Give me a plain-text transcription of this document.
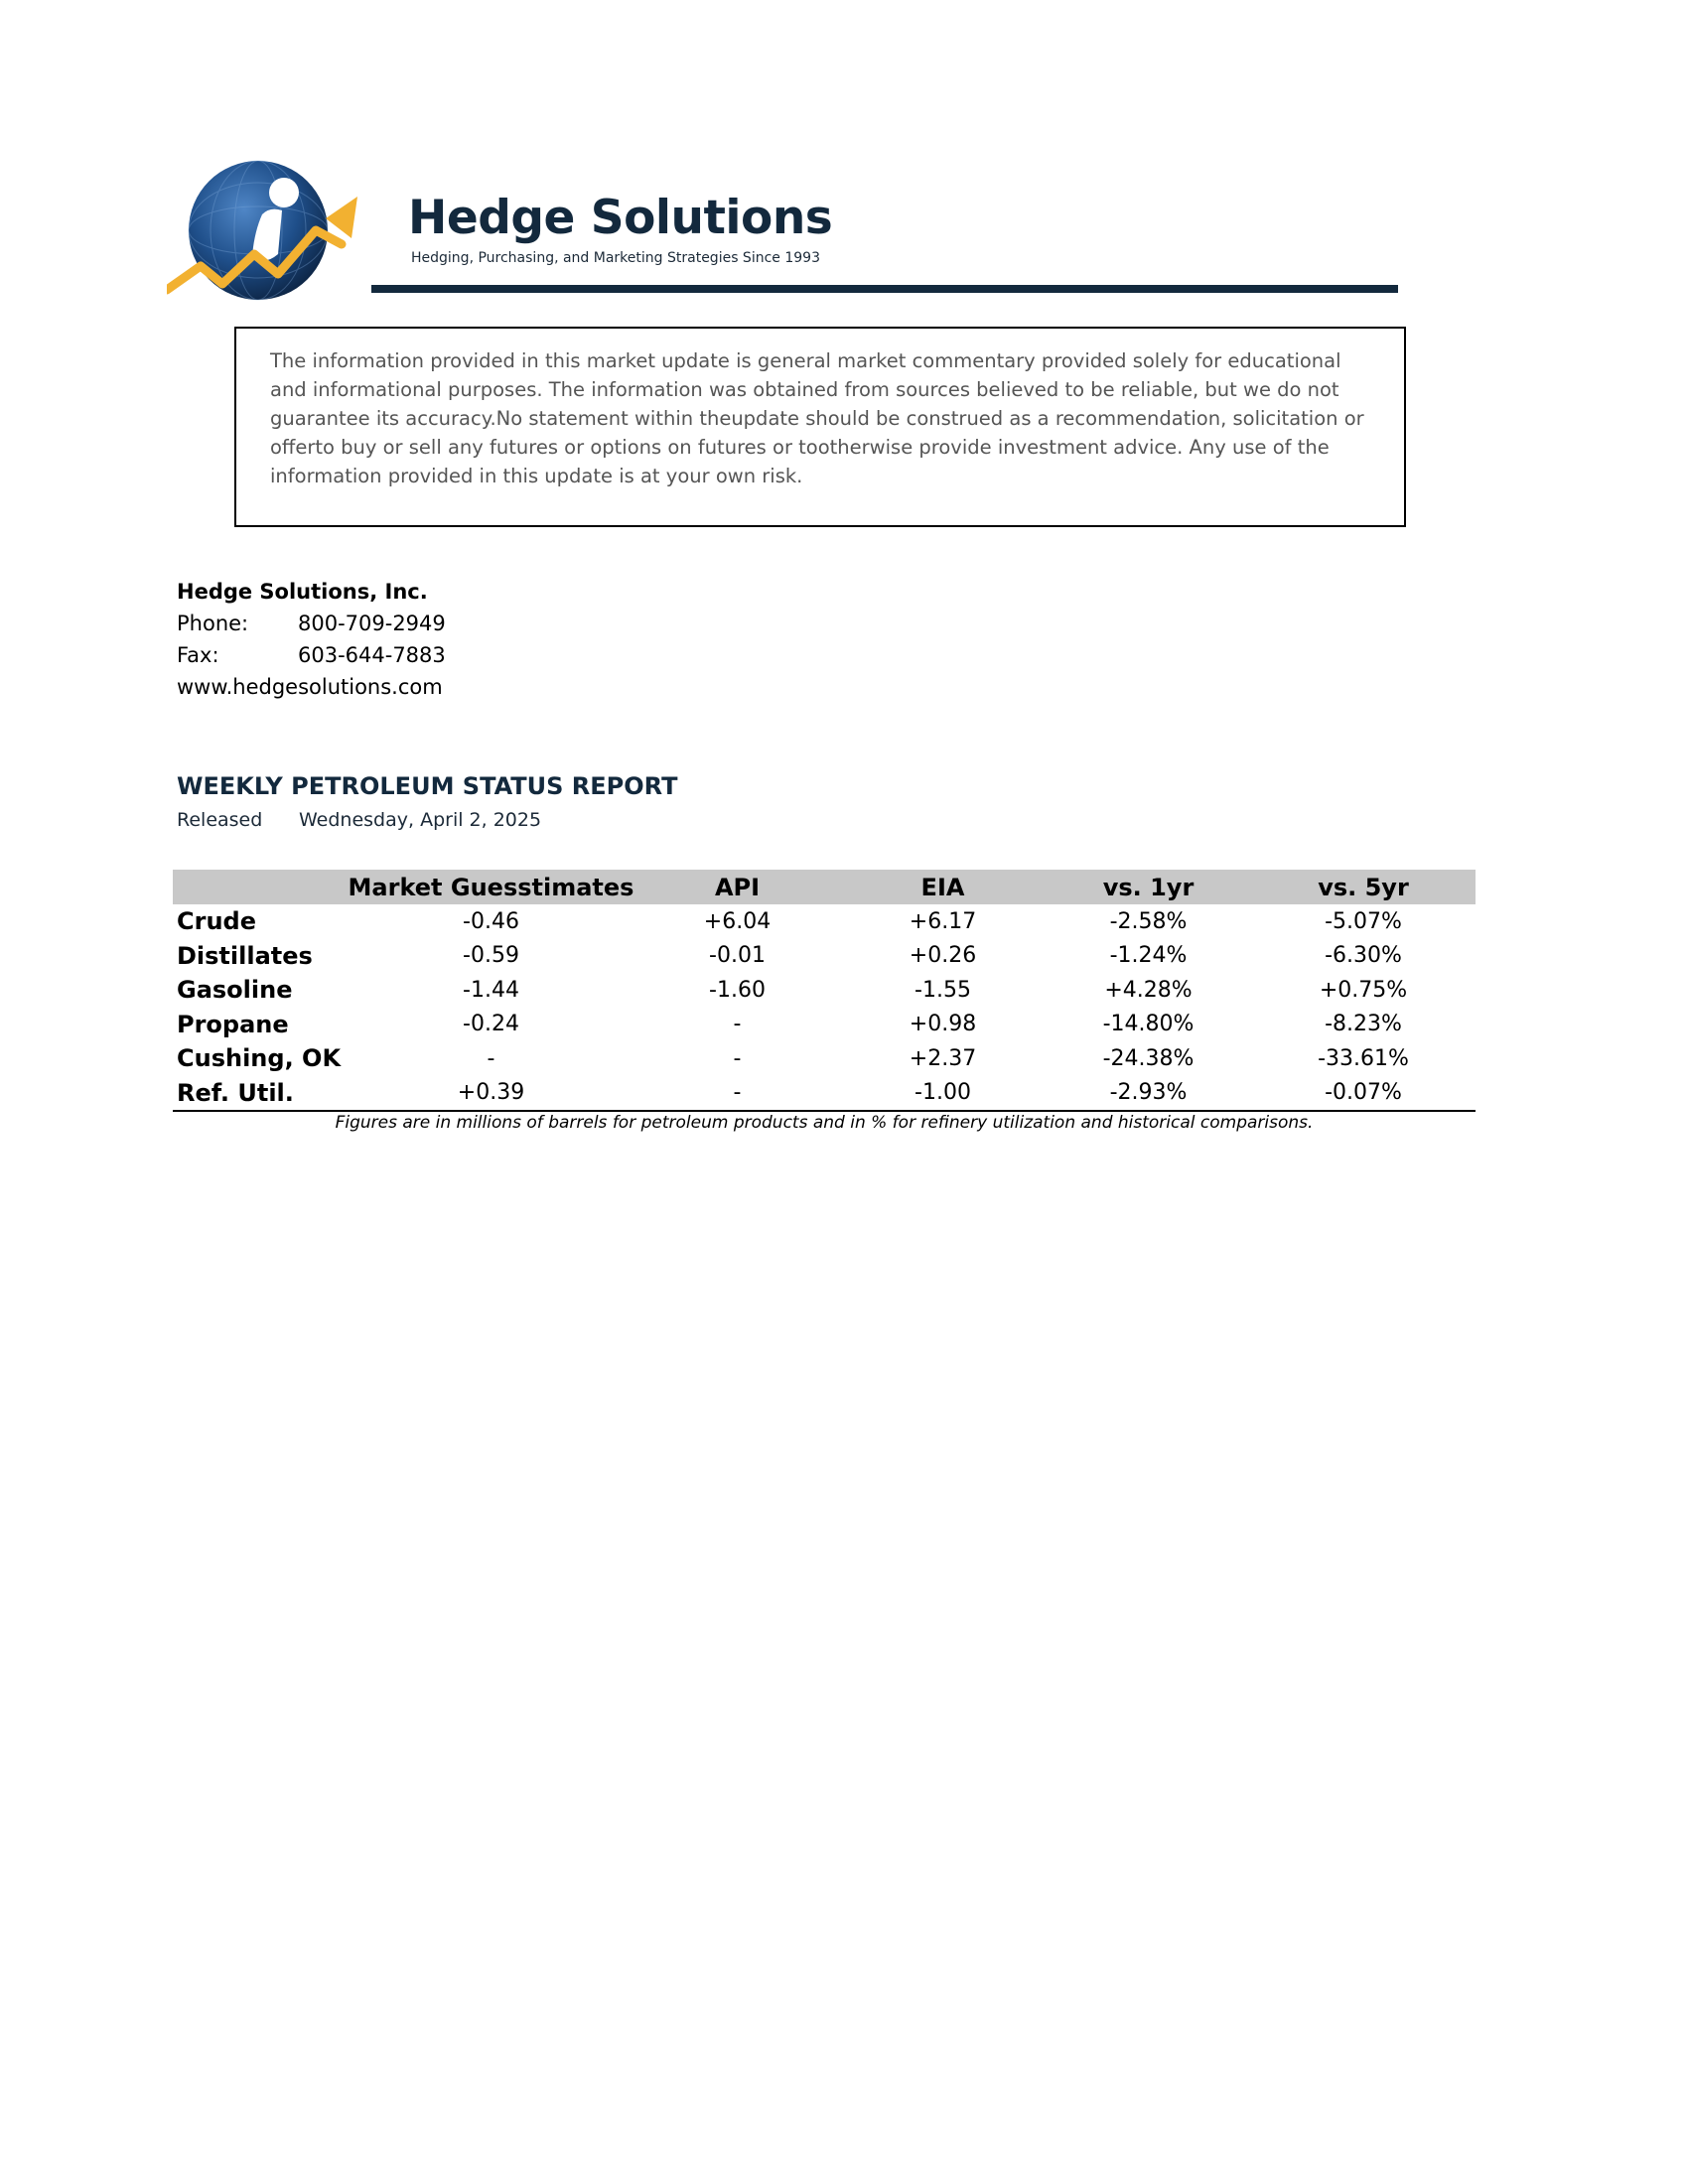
Hedge Solutions
Hedging, Purchasing, and Marketing Strategies Since 1993

The information provided in this market update is general market commentary provided solely for educational and informational purposes. The information was obtained from sources believed to be reliable, but we do not guarantee its accuracy.No statement within theupdate should be construed as a recommendation, solicitation or offerto buy or sell any futures or options on futures or tootherwise provide investment advice. Any use of the information provided in this update is at your own risk.

Hedge Solutions, Inc.
Phone: 800-709-2949
Fax:	603-644-7883
www.hedgesolutions.com
WEEKLY PETROLEUM STATUS REPORT
Released Wednesday, April 2, 2025
	Market Guesstimates	API	EIA	vs. 1yr	vs. 5yr
Crude	-0.46	+6.04	+6.17	-2.58%	-5.07%
Distillates	-0.59	-0.01	+0.26	-1.24%	-6.30%
Gasoline	-1.44	-1.60	-1.55	+4.28%	+0.75%
Propane	-0.24	-	+0.98	-14.80%	-8.23%
Cushing, OK	-	-	+2.37	-24.38%	-33.61%
Ref. Util.	+0.39	-	-1.00	-2.93%	-0.07%
Figures are in millions of barrels for petroleum products and in % for refinery utilization and historical comparisons.
